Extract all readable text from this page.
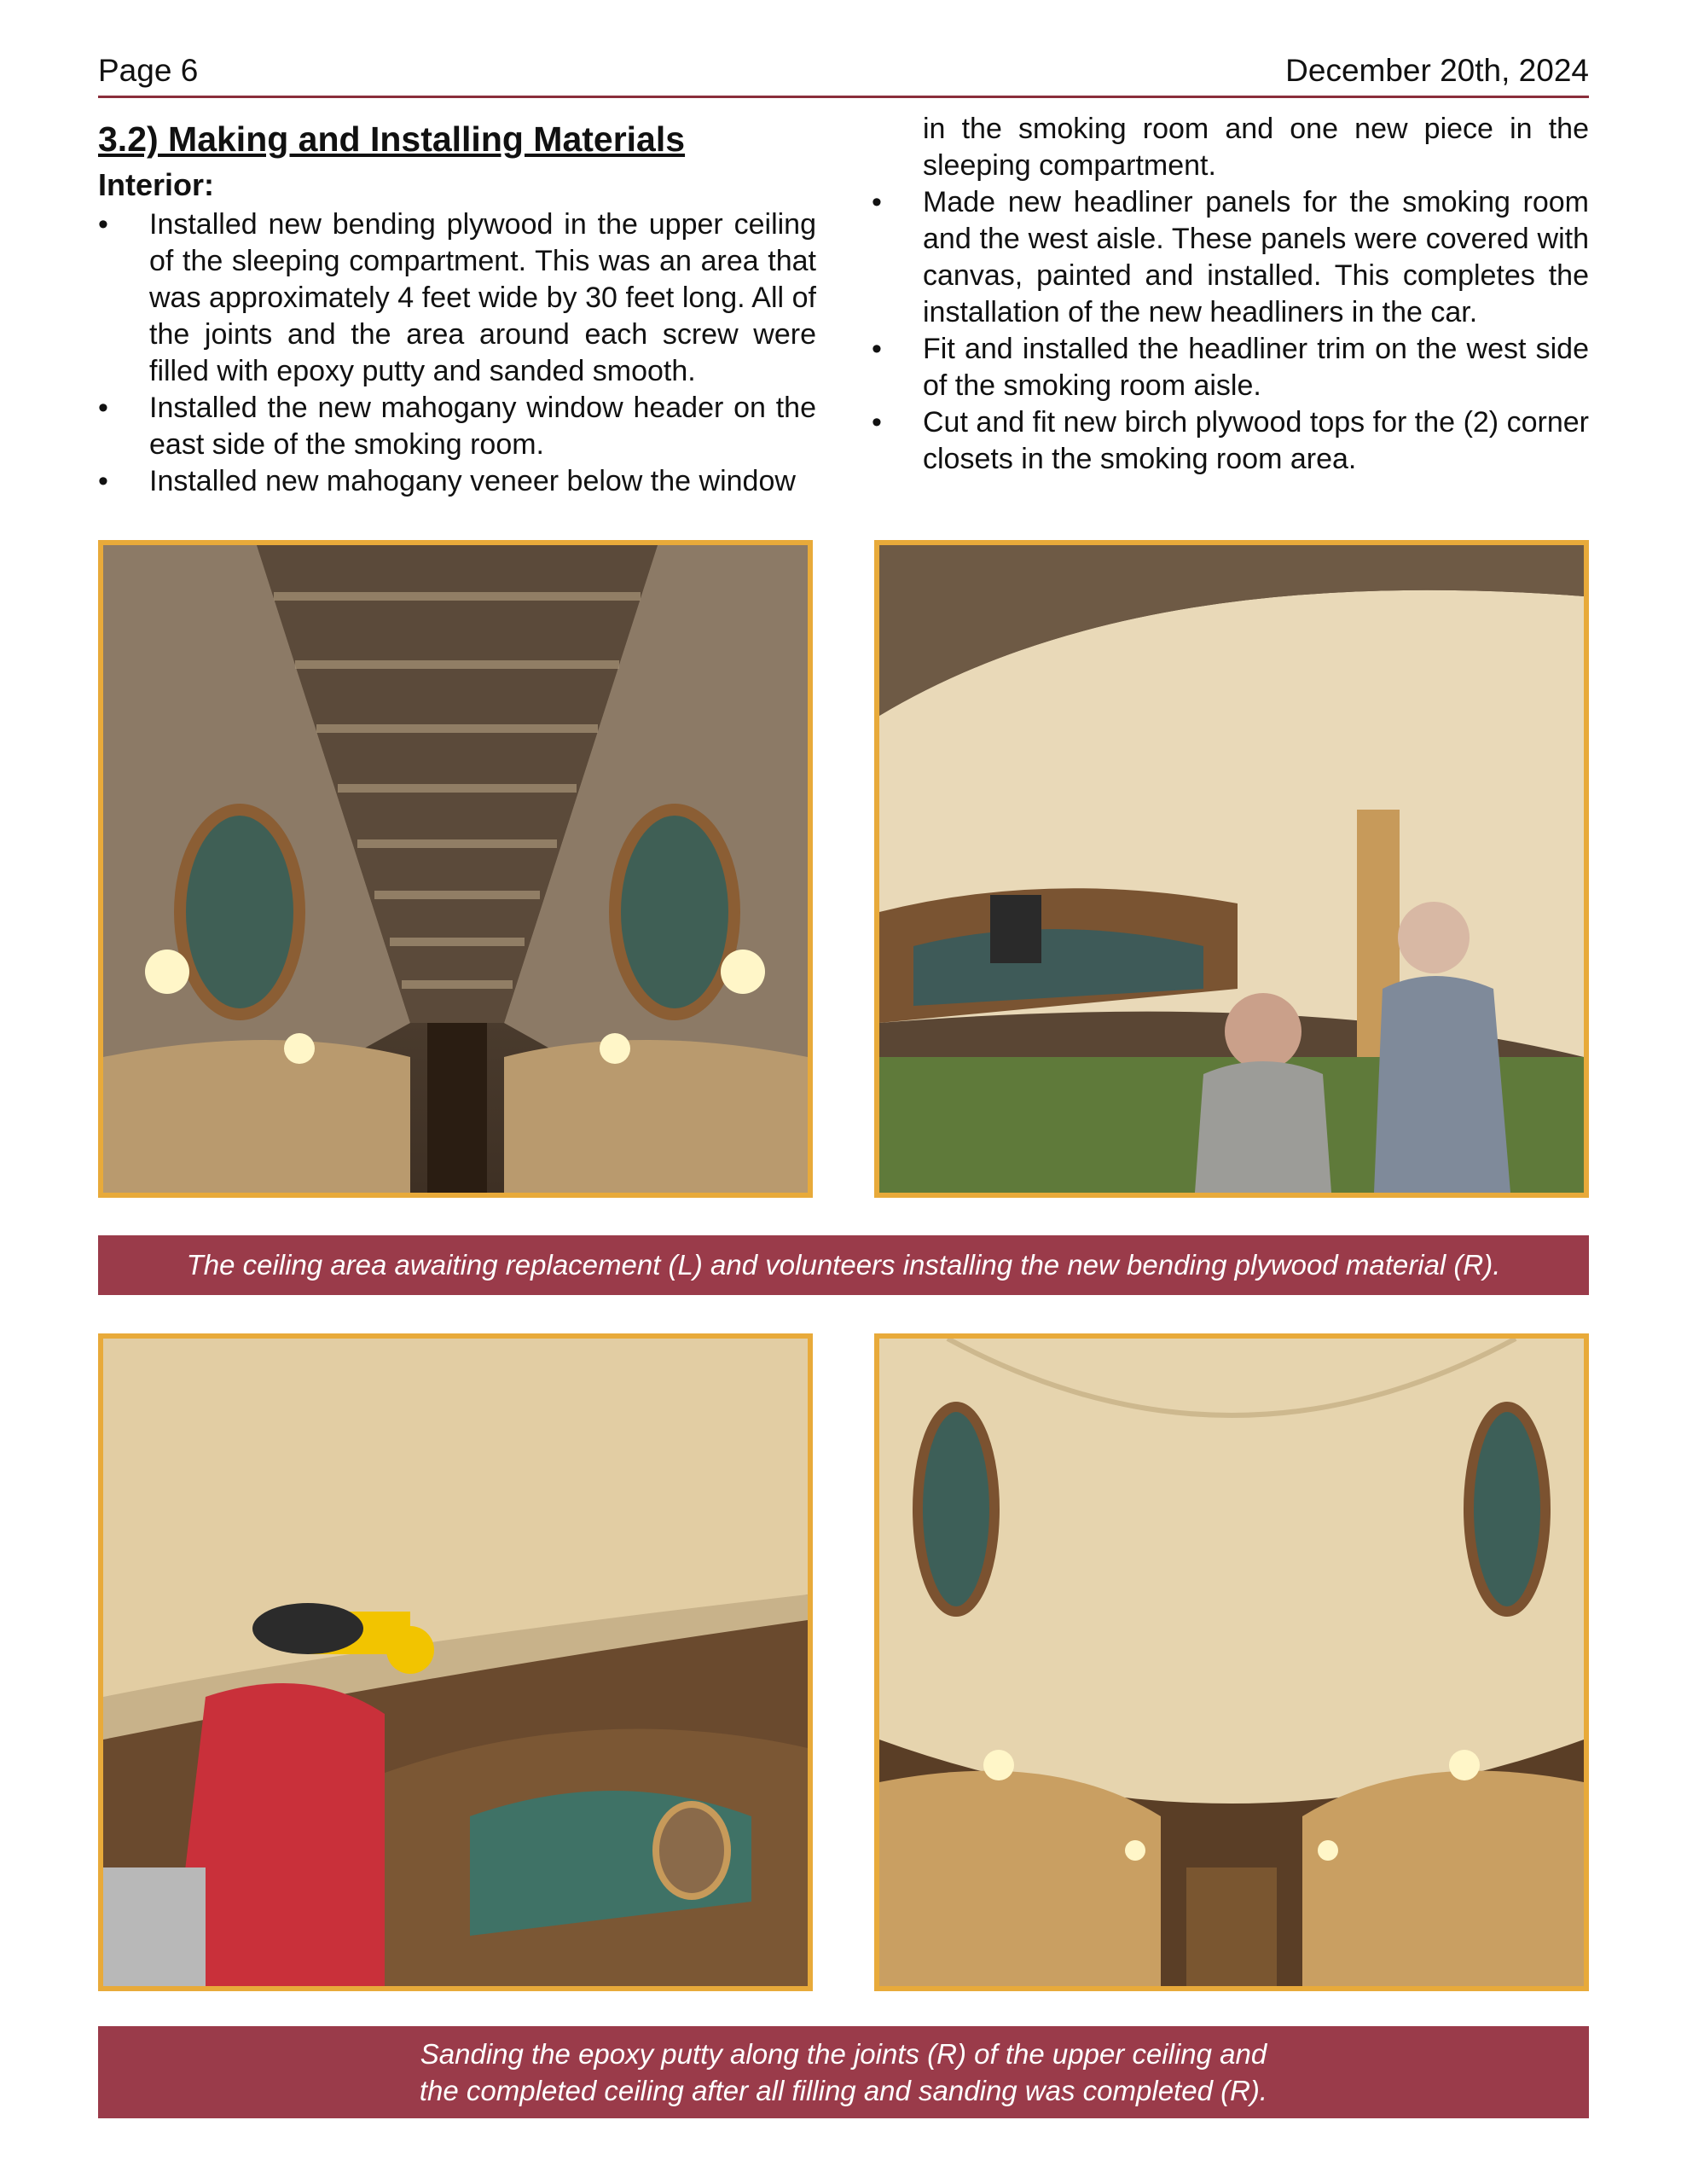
Page 6	December 20th, 2024
3.2) Making and Installing Materials
Interior:
• Installed new bending plywood in the upper ceiling of the sleeping compartment. This was an area that was approximately 4 feet wide by 30 feet long. All of the joints and the area around each screw were filled with epoxy putty and sanded smooth.
• Installed the new mahogany window header on the east side of the smoking room.
• Installed new mahogany veneer below the window
in the smoking room and one new piece in the sleeping compartment.
• Made new headliner panels for the smoking room and the west aisle. These panels were covered with canvas, painted and installed. This completes the installation of the new headliners in the car.
• Fit and installed the headliner trim on the west side of the smoking room aisle.
• Cut and fit new birch plywood tops for the (2) corner closets in the smoking room area.
The ceiling area awaiting replacement (L) and volunteers installing the new bending plywood material (R).
Sanding the epoxy putty along the joints (R) of the upper ceiling and
the completed ceiling after all filling and sanding was completed (R).
